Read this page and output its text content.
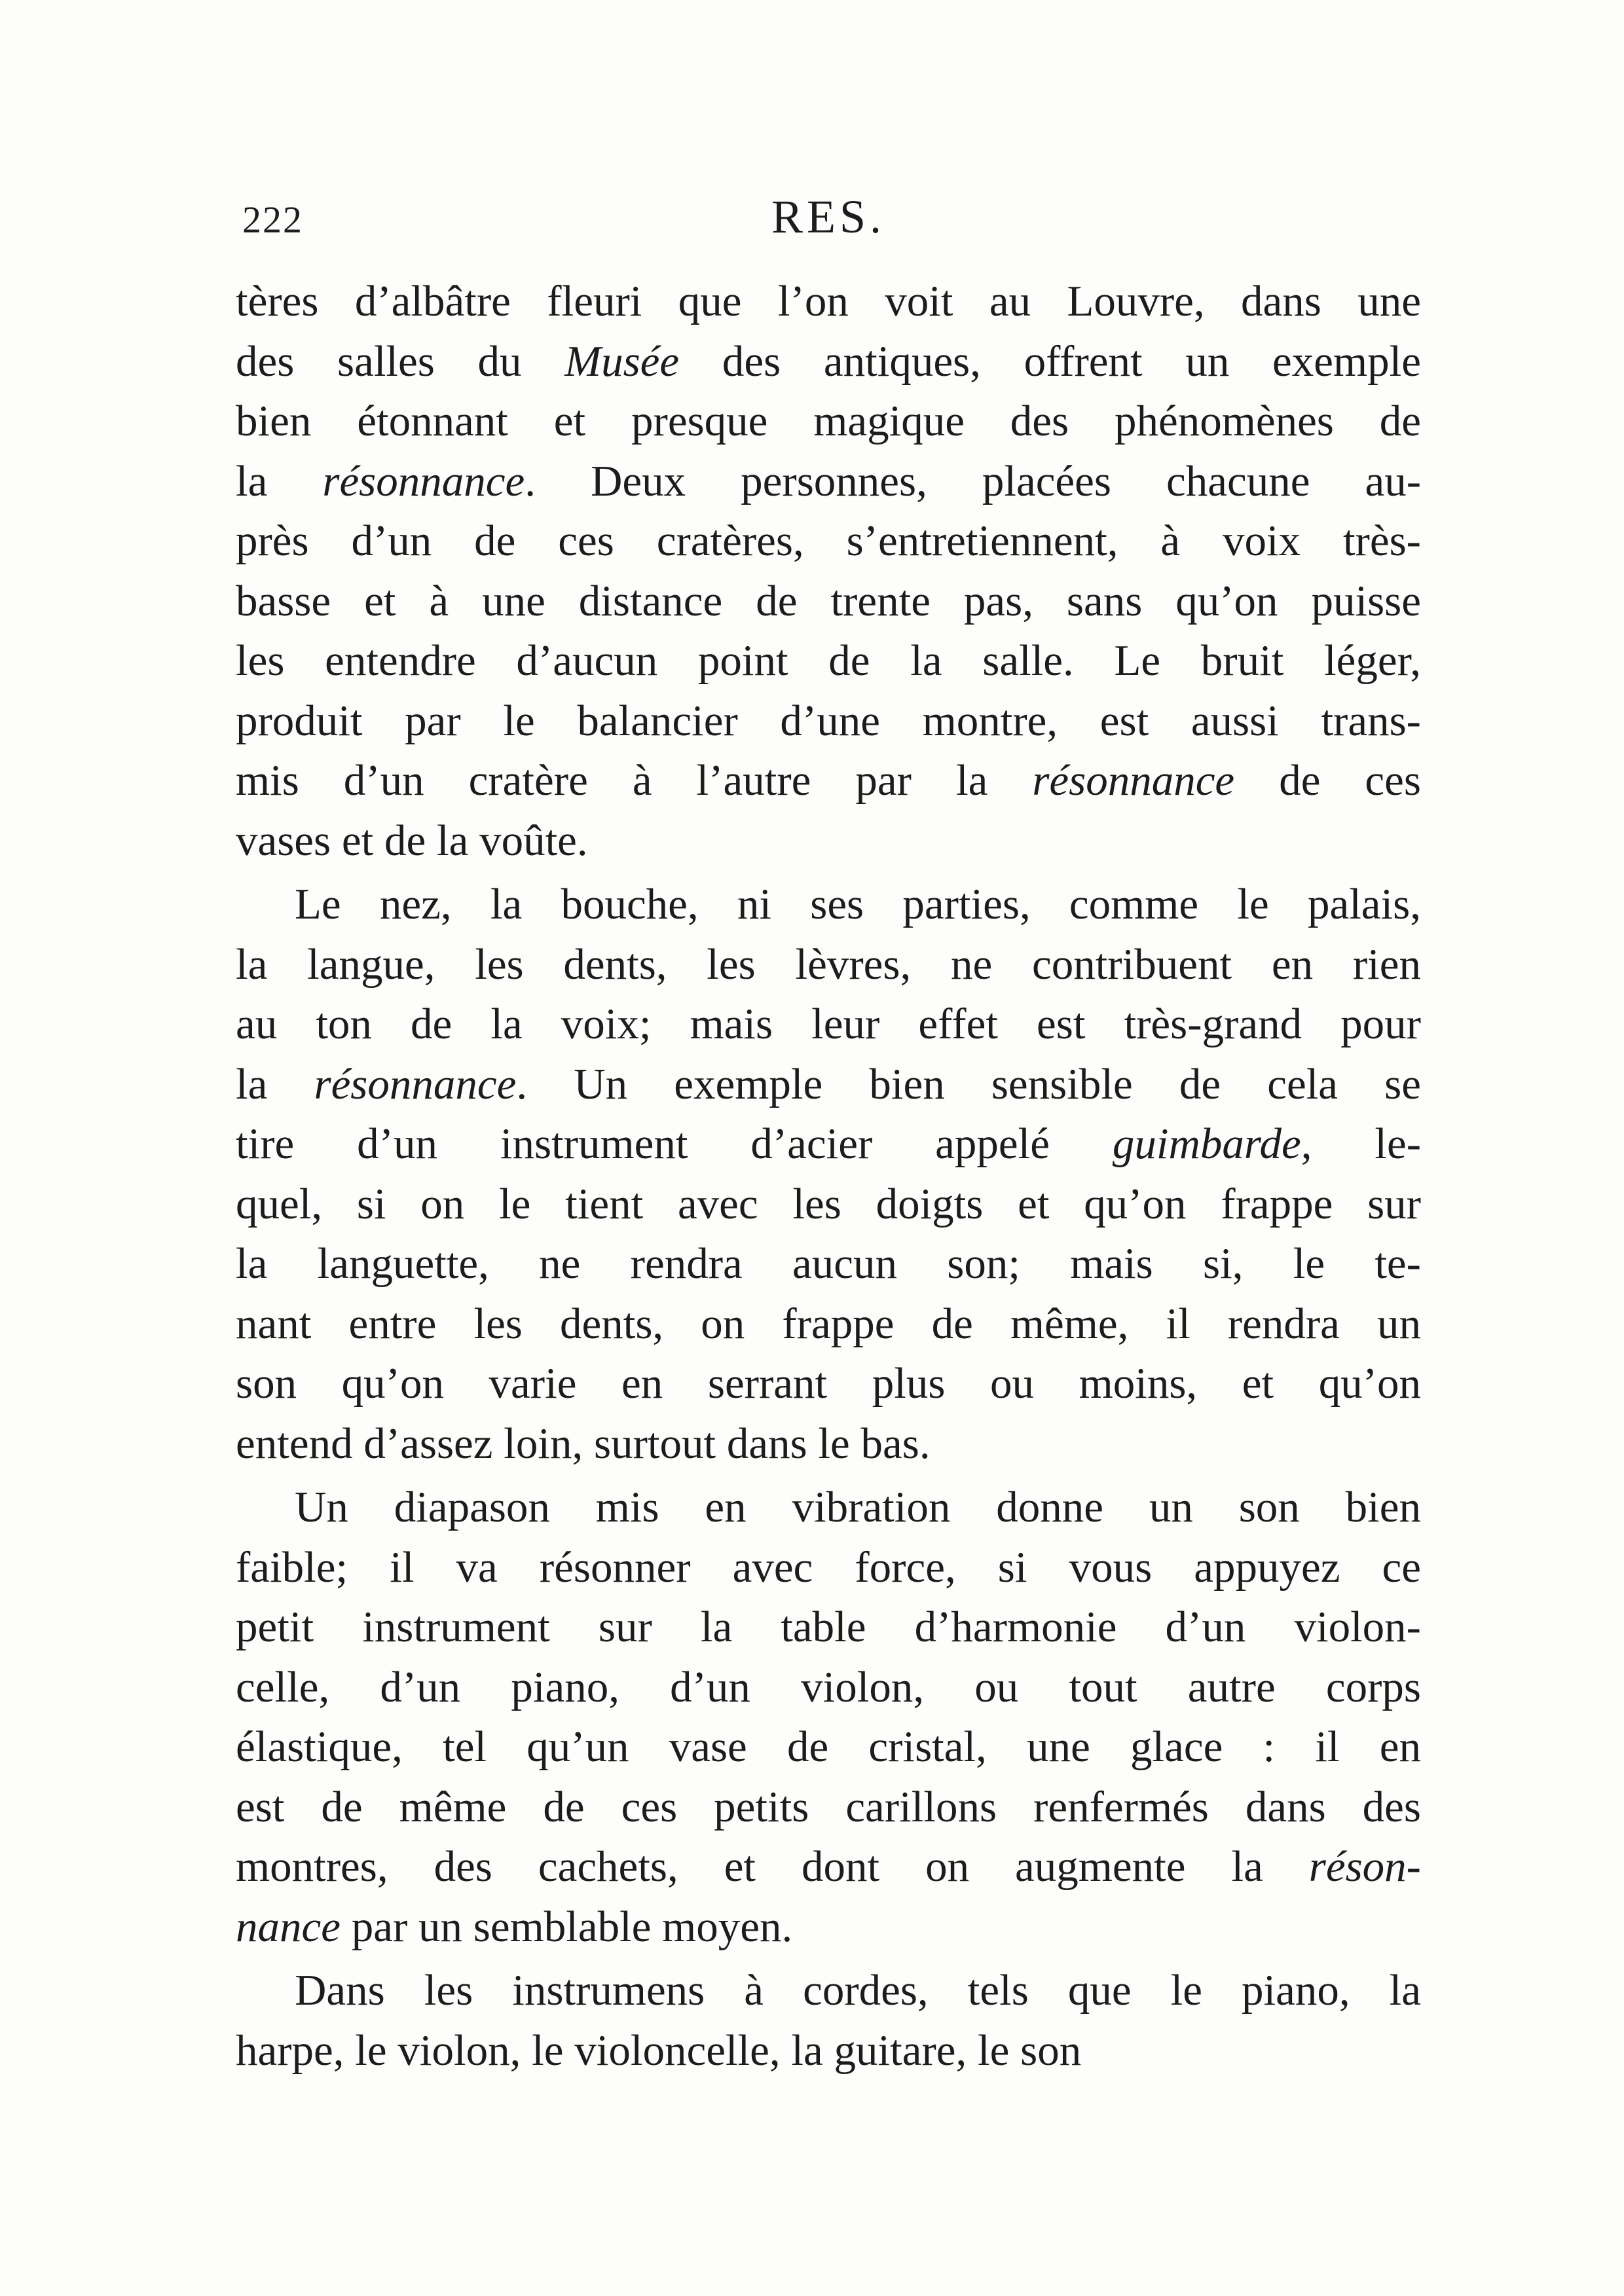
222	RES.
tères d’albâtre fleuri que l’on voit au Louvre, dans une
des salles du Musée des antiques, offrent un exemple
bien étonnant et presque magique des phénomènes de
la résonnance. Deux personnes, placées chacune au-
près d’un de ces cratères, s’entretiennent, à voix très-
basse et à une distance de trente pas, sans qu’on puisse
les entendre d’aucun point de la salle. Le bruit léger,
produit par le balancier d’une montre, est aussi trans-
mis d’un cratère à l’autre par la résonnance de ces
vases et de la voûte.
Le nez, la bouche, ni ses parties, comme le palais,
la langue, les dents, les lèvres, ne contribuent en rien
au ton de la voix; mais leur effet est très-grand pour
la résonnance. Un exemple bien sensible de cela se
tire d’un instrument d’acier appelé guimbarde, le-
quel, si on le tient avec les doigts et qu’on frappe sur
la languette, ne rendra aucun son; mais si, le te-
nant entre les dents, on frappe de même, il rendra un
son qu’on varie en serrant plus ou moins, et qu’on
entend d’assez loin, surtout dans le bas.
Un diapason mis en vibration donne un son bien
faible; il va résonner avec force, si vous appuyez ce
petit instrument sur la table d’harmonie d’un violon-
celle, d’un piano, d’un violon, ou tout autre corps
élastique, tel qu’un vase de cristal, une glace : il en
est de même de ces petits carillons renfermés dans des
montres, des cachets, et dont on augmente la réson-
nance par un semblable moyen.
Dans les instrumens à cordes, tels que le piano, la
harpe, le violon, le violoncelle, la guitare, le son
